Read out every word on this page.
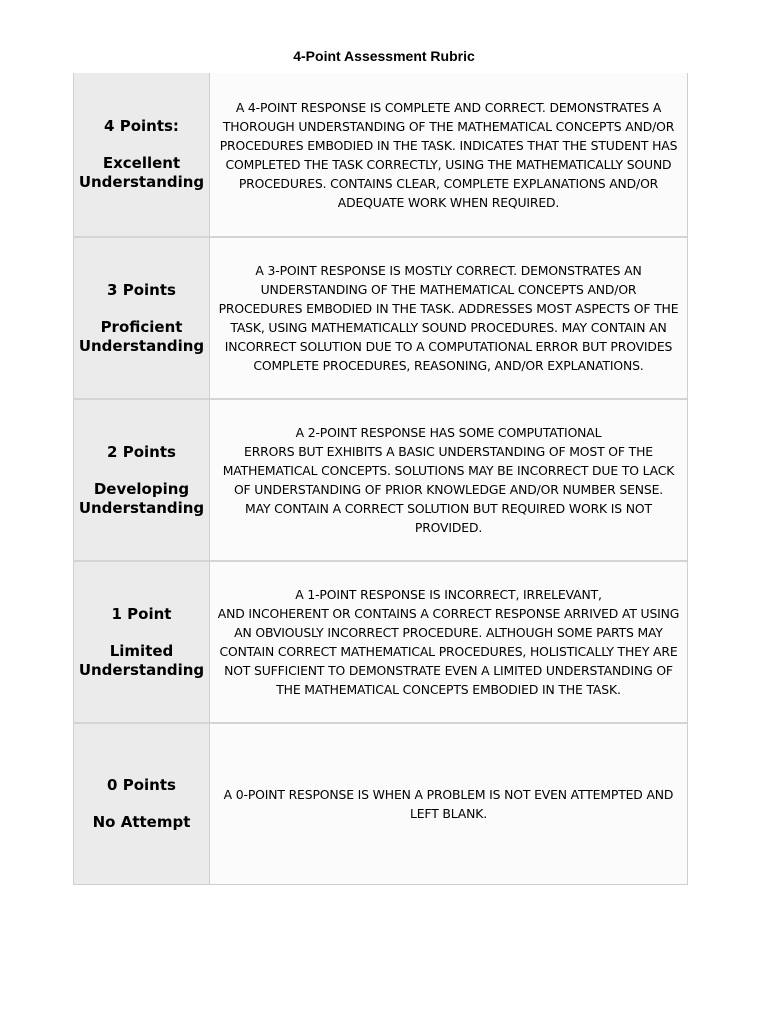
4-Point Assessment Rubric
4 Points:
Excellent
Understanding
A 4-POINT RESPONSE IS COMPLETE AND CORRECT. DEMONSTRATES A
THOROUGH UNDERSTANDING OF THE MATHEMATICAL CONCEPTS AND/OR
PROCEDURES EMBODIED IN THE TASK. INDICATES THAT THE STUDENT HAS
COMPLETED THE TASK CORRECTLY, USING THE MATHEMATICALLY SOUND
PROCEDURES. CONTAINS CLEAR, COMPLETE EXPLANATIONS AND/OR
ADEQUATE WORK WHEN REQUIRED.
3 Points
Proficient
Understanding
A 3-POINT RESPONSE IS MOSTLY CORRECT. DEMONSTRATES AN
UNDERSTANDING OF THE MATHEMATICAL CONCEPTS AND/OR
PROCEDURES EMBODIED IN THE TASK. ADDRESSES MOST ASPECTS OF THE
TASK, USING MATHEMATICALLY SOUND PROCEDURES. MAY CONTAIN AN
INCORRECT SOLUTION DUE TO A COMPUTATIONAL ERROR BUT PROVIDES
COMPLETE PROCEDURES, REASONING, AND/OR EXPLANATIONS.
2 Points
Developing
Understanding
A 2-POINT RESPONSE HAS SOME COMPUTATIONAL
ERRORS BUT EXHIBITS A BASIC UNDERSTANDING OF MOST OF THE
MATHEMATICAL CONCEPTS. SOLUTIONS MAY BE INCORRECT DUE TO LACK
OF UNDERSTANDING OF PRIOR KNOWLEDGE AND/OR NUMBER SENSE.
MAY CONTAIN A CORRECT SOLUTION BUT REQUIRED WORK IS NOT
PROVIDED.
1 Point
Limited
Understanding
A 1-POINT RESPONSE IS INCORRECT, IRRELEVANT,
AND INCOHERENT OR CONTAINS A CORRECT RESPONSE ARRIVED AT USING
AN OBVIOUSLY INCORRECT PROCEDURE. ALTHOUGH SOME PARTS MAY
CONTAIN CORRECT MATHEMATICAL PROCEDURES, HOLISTICALLY THEY ARE
NOT SUFFICIENT TO DEMONSTRATE EVEN A LIMITED UNDERSTANDING OF
THE MATHEMATICAL CONCEPTS EMBODIED IN THE TASK.
0 Points
No Attempt
A 0-POINT RESPONSE IS WHEN A PROBLEM IS NOT EVEN ATTEMPTED AND
LEFT BLANK.
